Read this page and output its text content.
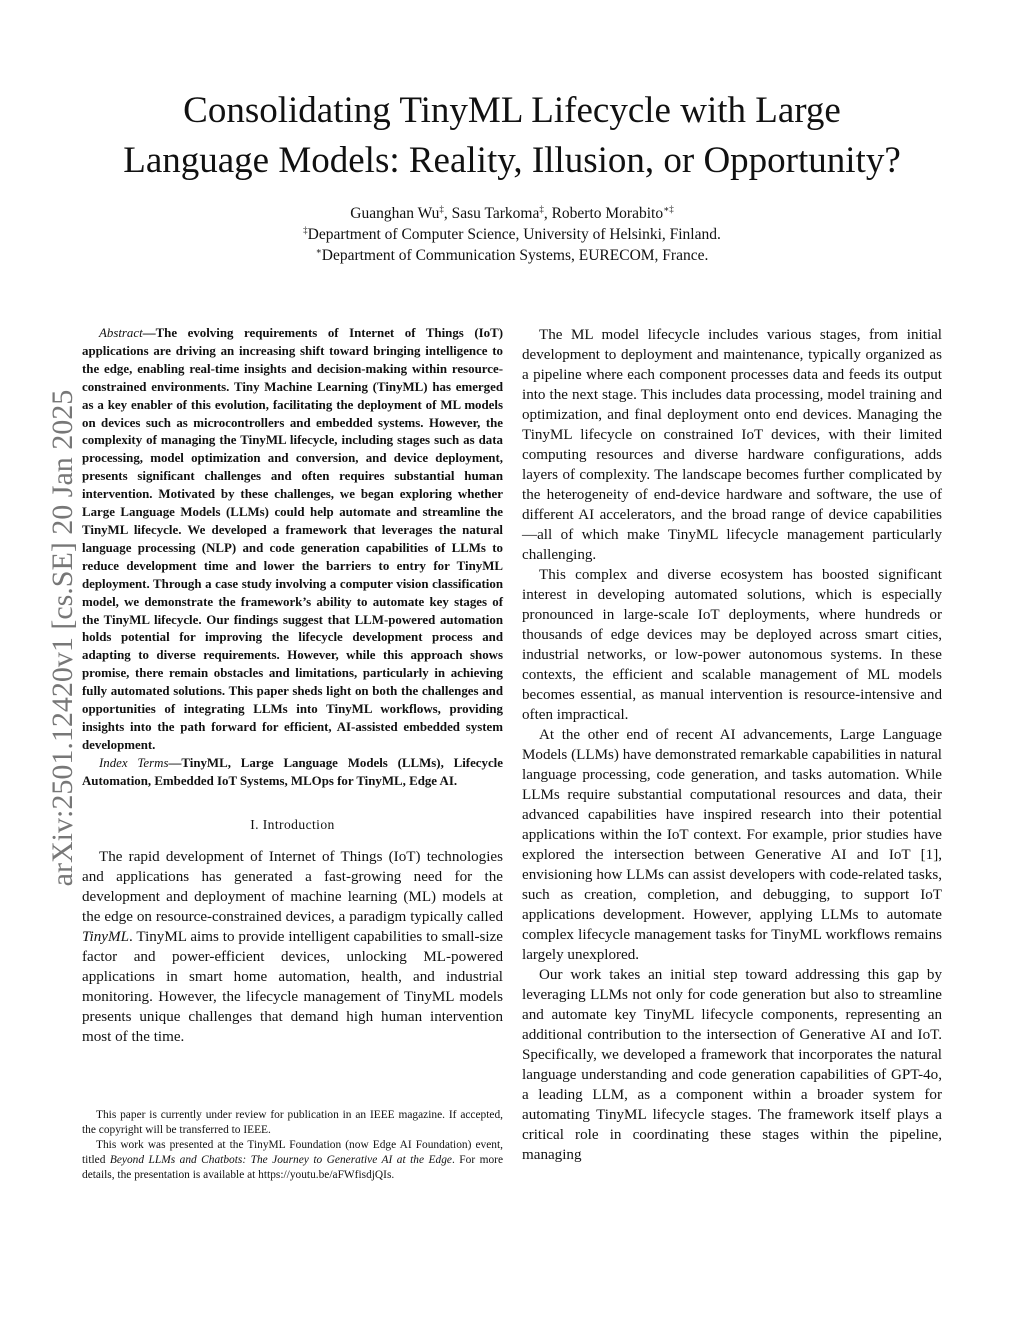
Consolidating TinyML Lifecycle with Large
Language Models: Reality, Illusion, or Opportunity?
Guanghan Wu‡, Sasu Tarkoma‡, Roberto Morabito∗‡
‡Department of Computer Science, University of Helsinki, Finland.
∗Department of Communication Systems, EURECOM, France.
arXiv:2501.12420v1 [cs.SE] 20 Jan 2025

Abstract—The evolving requirements of Internet of Things (IoT) applications are driving an increasing shift toward bringing intelligence to the edge, enabling real-time insights and decision-making within resource-constrained environments. Tiny Machine Learning (TinyML) has emerged as a key enabler of this evolution, facilitating the deployment of ML models on devices such as microcontrollers and embedded systems. However, the complexity of managing the TinyML lifecycle, including stages such as data processing, model optimization and conversion, and device deployment, presents significant challenges and often requires substantial human intervention. Motivated by these challenges, we began exploring whether Large Language Models (LLMs) could help automate and streamline the TinyML lifecycle. We developed a framework that leverages the natural language processing (NLP) and code generation capabilities of LLMs to reduce development time and lower the barriers to entry for TinyML deployment. Through a case study involving a computer vision classification model, we demonstrate the framework’s ability to automate key stages of the TinyML lifecycle. Our findings suggest that LLM-powered automation holds potential for improving the lifecycle development process and adapting to diverse requirements. However, while this approach shows promise, there remain obstacles and limitations, particularly in achieving fully automated solutions. This paper sheds light on both the challenges and opportunities of integrating LLMs into TinyML workflows, providing insights into the path forward for efficient, AI-assisted embedded system development.

Index Terms—TinyML, Large Language Models (LLMs), Lifecycle Automation, Embedded IoT Systems, MLOps for TinyML, Edge AI.

I. Introduction

The rapid development of Internet of Things (IoT) technologies and applications has generated a fast-growing need for the development and deployment of machine learning (ML) models at the edge on resource-constrained devices, a paradigm typically called TinyML. TinyML aims to provide intelligent capabilities to small-size factor and power-efficient devices, unlocking ML-powered applications in smart home automation, health, and industrial monitoring. However, the lifecycle management of TinyML models presents unique challenges that demand high human intervention most of the time.

This paper is currently under review for publication in an IEEE magazine. If accepted, the copyright will be transferred to IEEE.

This work was presented at the TinyML Foundation (now Edge AI Foundation) event, titled Beyond LLMs and Chatbots: The Journey to Generative AI at the Edge. For more details, the presentation is available at https://youtu.be/aFWfisdjQIs.

The ML model lifecycle includes various stages, from initial development to deployment and maintenance, typically organized as a pipeline where each component processes data and feeds its output into the next stage. This includes data processing, model training and optimization, and final deployment onto end devices. Managing the TinyML lifecycle on constrained IoT devices, with their limited computing resources and diverse hardware configurations, adds layers of complexity. The landscape becomes further complicated by the heterogeneity of end-device hardware and software, the use of different AI accelerators, and the broad range of device capabilities—all of which make TinyML lifecycle management particularly challenging.

This complex and diverse ecosystem has boosted significant interest in developing automated solutions, which is especially pronounced in large-scale IoT deployments, where hundreds or thousands of edge devices may be deployed across smart cities, industrial networks, or low-power autonomous systems. In these contexts, the efficient and scalable management of ML models becomes essential, as manual intervention is resource-intensive and often impractical.

At the other end of recent AI advancements, Large Language Models (LLMs) have demonstrated remarkable capabilities in natural language processing, code generation, and tasks automation. While LLMs require substantial computational resources and data, their advanced capabilities have inspired research into their potential applications within the IoT context. For example, prior studies have explored the intersection between Generative AI and IoT [1], envisioning how LLMs can assist developers with code-related tasks, such as creation, completion, and debugging, to support IoT applications development. However, applying LLMs to automate complex lifecycle management tasks for TinyML workflows remains largely unexplored.

Our work takes an initial step toward addressing this gap by leveraging LLMs not only for code generation but also to streamline and automate key TinyML lifecycle components, representing an additional contribution to the intersection of Generative AI and IoT. Specifically, we developed a framework that incorporates the natural language understanding and code generation capabilities of GPT-4o, a leading LLM, as a component within a broader system for automating TinyML lifecycle stages. The framework itself plays a critical role in coordinating these stages within the pipeline, managing
